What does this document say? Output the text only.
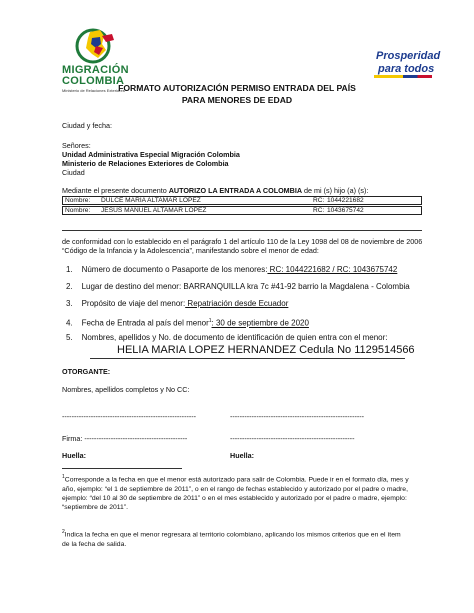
MIGRACIÓN
COLOMBIA
Ministerio de Relaciones Exteriores
Prosperidad
para todos
FORMATO AUTORIZACIÓN PERMISO ENTRADA DEL PAÍS
PARA MENORES DE EDAD
Ciudad y fecha:
Señores:
Unidad Administrativa Especial Migración Colombia
Ministerio de Relaciones Exteriores de Colombia
Ciudad
Mediante el presente documento AUTORIZO LA ENTRADA A COLOMBIA de mi (s) hijo (a) (s):
Nombre: DULCE MARIA ALTAMAR LOPEZ	RC: 1044221682
Nombre: JESUS MANUEL ALTAMAR LOPEZ	RC: 1043675742
de conformidad con lo establecido en el parágrafo 1 del artículo 110 de la Ley 1098 del 08 de noviembre de 2006
“Código de la Infancia y la Adolescencia”, manifestando sobre el menor de edad:
1. Número de documento o Pasaporte de los menores: RC: 1044221682 / RC: 1043675742
2. Lugar de destino del menor: BARRANQUILLA kra 7c #41-92 barrio la Magdalena - Colombia
3. Propósito de viaje del menor: Repatriación desde Ecuador
4. Fecha de Entrada al país del menor$^1$: 30 de septiembre de 2020
5. Nombres, apellidos y No. de documento de identificación de quien entra con el menor:
HELIA MARIA LOPEZ HERNANDEZ Cedula No 1129514566
OTORGANTE:
Nombres, apellidos completos y No CC:
--------------------------------------------------------	--------------------------------------------------------
Firma: -------------------------------------------	----------------------------------------------------
Huella:	Huella:
$^1$Corresponde a la fecha en que el menor está autorizado para salir de Colombia. Puede ir en el formato día, mes y
año, ejemplo: “el 1 de septiembre de 2011”, o en el rango de fechas establecido y autorizado por el padre o madre,
ejemplo: “del 10 al 30 de septiembre de 2011” o en el mes establecido y autorizado por el padre o madre, ejemplo:
“septiembre de 2011”.
$^2$Indica la fecha en que el menor regresara al territorio colombiano, aplicando los mismos criterios que en el ítem
de la fecha de salida.
